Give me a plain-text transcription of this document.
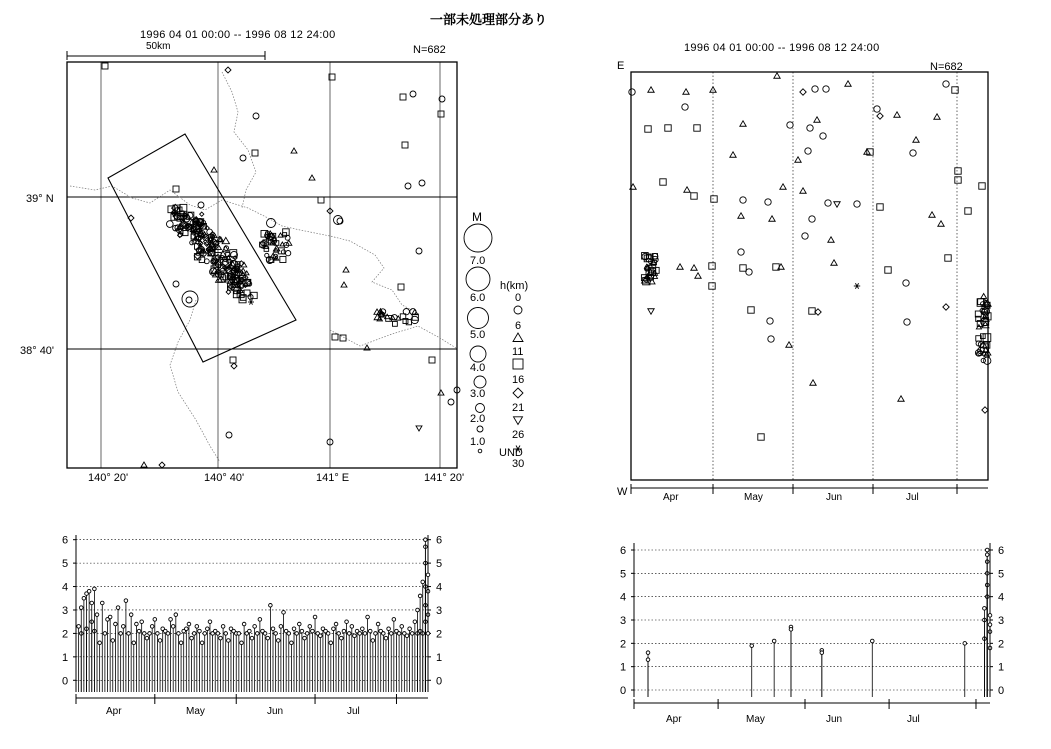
一部未処理部分あり
1996 04 01 00:00 -- 1996 08 12 24:00
1996 04 01 00:00 -- 1996 08 12 24:00
N=682
N=682
50km
39° N
38° 40'
140° 20'	140° 40'	141° E	141° 20'
M
7.0
6.0
5.0
4.0
3.0
2.0
1.0
h(km)
0
6
11
16
21
26
UND
30
E
W	Apr	May	Jun	Jul
Apr	May	Jun	Jul
Apr	May	Jun	Jul
0	0
1	1
2	2
3	3
4	4
5	5
6	6
0	0
1	1
2	2
3	3
4	4
5	5
6	6
